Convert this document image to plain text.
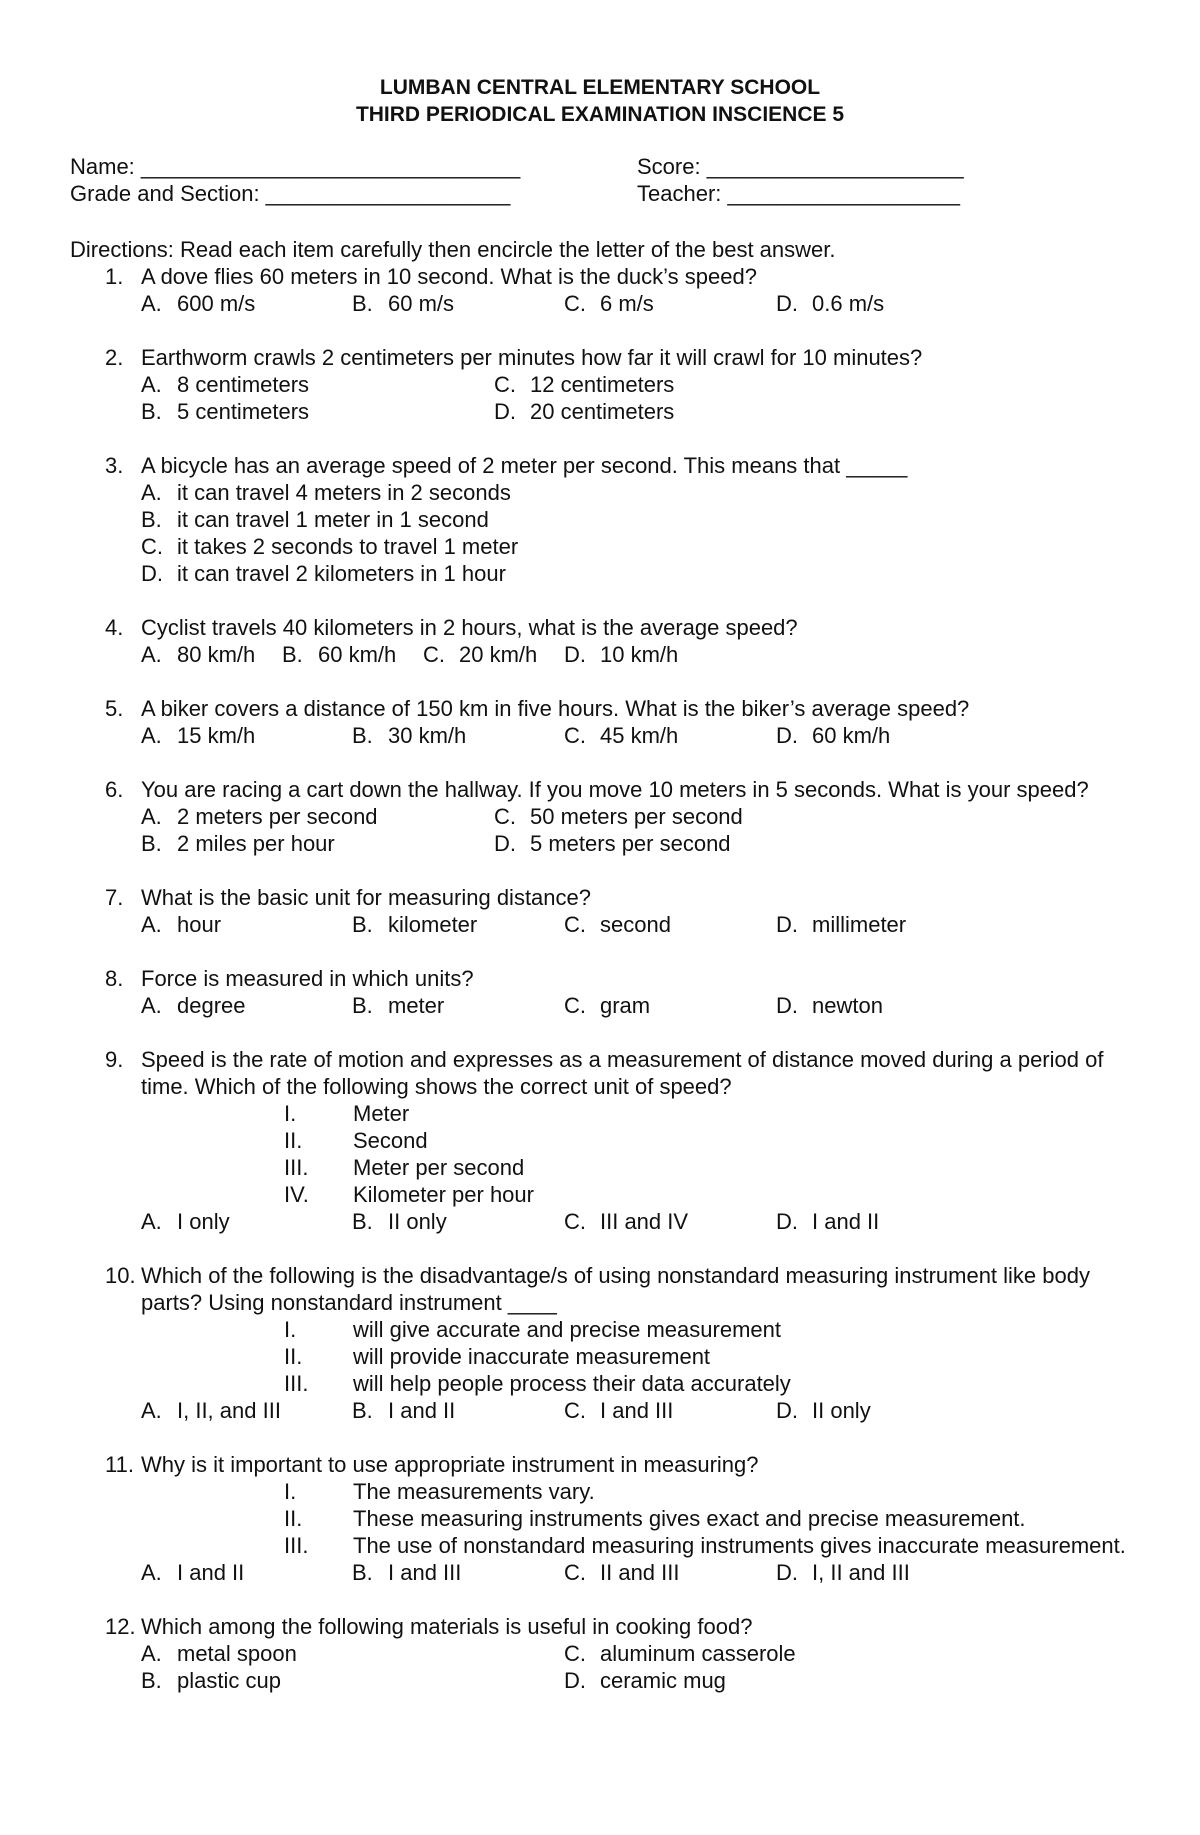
LUMBAN CENTRAL ELEMENTARY SCHOOL
THIRD PERIODICAL EXAMINATION INSCIENCE 5
Name: _______________________________	Score: _____________________
Grade and Section: ____________________	Teacher: ___________________
Directions: Read each item carefully then encircle the letter of the best answer.
1. A dove flies 60 meters in 10 second. What is the duck’s speed?
A. 600 m/s	B. 60 m/s	C. 6 m/s	D. 0.6 m/s
2. Earthworm crawls 2 centimeters per minutes how far it will crawl for 10 minutes?
A. 8 centimeters	C. 12 centimeters
B. 5 centimeters	D. 20 centimeters
3. A bicycle has an average speed of 2 meter per second. This means that _____
A. it can travel 4 meters in 2 seconds
B. it can travel 1 meter in 1 second
C. it takes 2 seconds to travel 1 meter
D. it can travel 2 kilometers in 1 hour
4. Cyclist travels 40 kilometers in 2 hours, what is the average speed?
A. 80 km/h B. 60 km/h C. 20 km/h D. 10 km/h
5. A biker covers a distance of 150 km in five hours. What is the biker’s average speed?
A. 15 km/h	B. 30 km/h	C. 45 km/h	D. 60 km/h
6. You are racing a cart down the hallway. If you move 10 meters in 5 seconds. What is your speed?
A. 2 meters per second	C. 50 meters per second
B. 2 miles per hour	D. 5 meters per second
7. What is the basic unit for measuring distance?
A. hour	B. kilometer	C. second	D. millimeter
8. Force is measured in which units?
A. degree	B. meter	C. gram	D. newton
9. Speed is the rate of motion and expresses as a measurement of distance moved during a period of time. Which of the following shows the correct unit of speed?
I.	Meter
II. Second
III. Meter per second
IV. Kilometer per hour
A. I only	B. II only	C. III and IV	D. I and II
10. Which of the following is the disadvantage/s of using nonstandard measuring instrument like body parts? Using nonstandard instrument ____
I.	will give accurate and precise measurement
II. will provide inaccurate measurement
III. will help people process their data accurately
A. I, II, and III	B. I and II	C. I and III	D. II only
11. Why is it important to use appropriate instrument in measuring?
I.	The measurements vary.
II. These measuring instruments gives exact and precise measurement.
III. The use of nonstandard measuring instruments gives inaccurate measurement.
A. I and II	B. I and III	C. II and III	D. I, II and III
12. Which among the following materials is useful in cooking food?
A. metal spoon	C. aluminum casserole
B. plastic cup	D. ceramic mug
